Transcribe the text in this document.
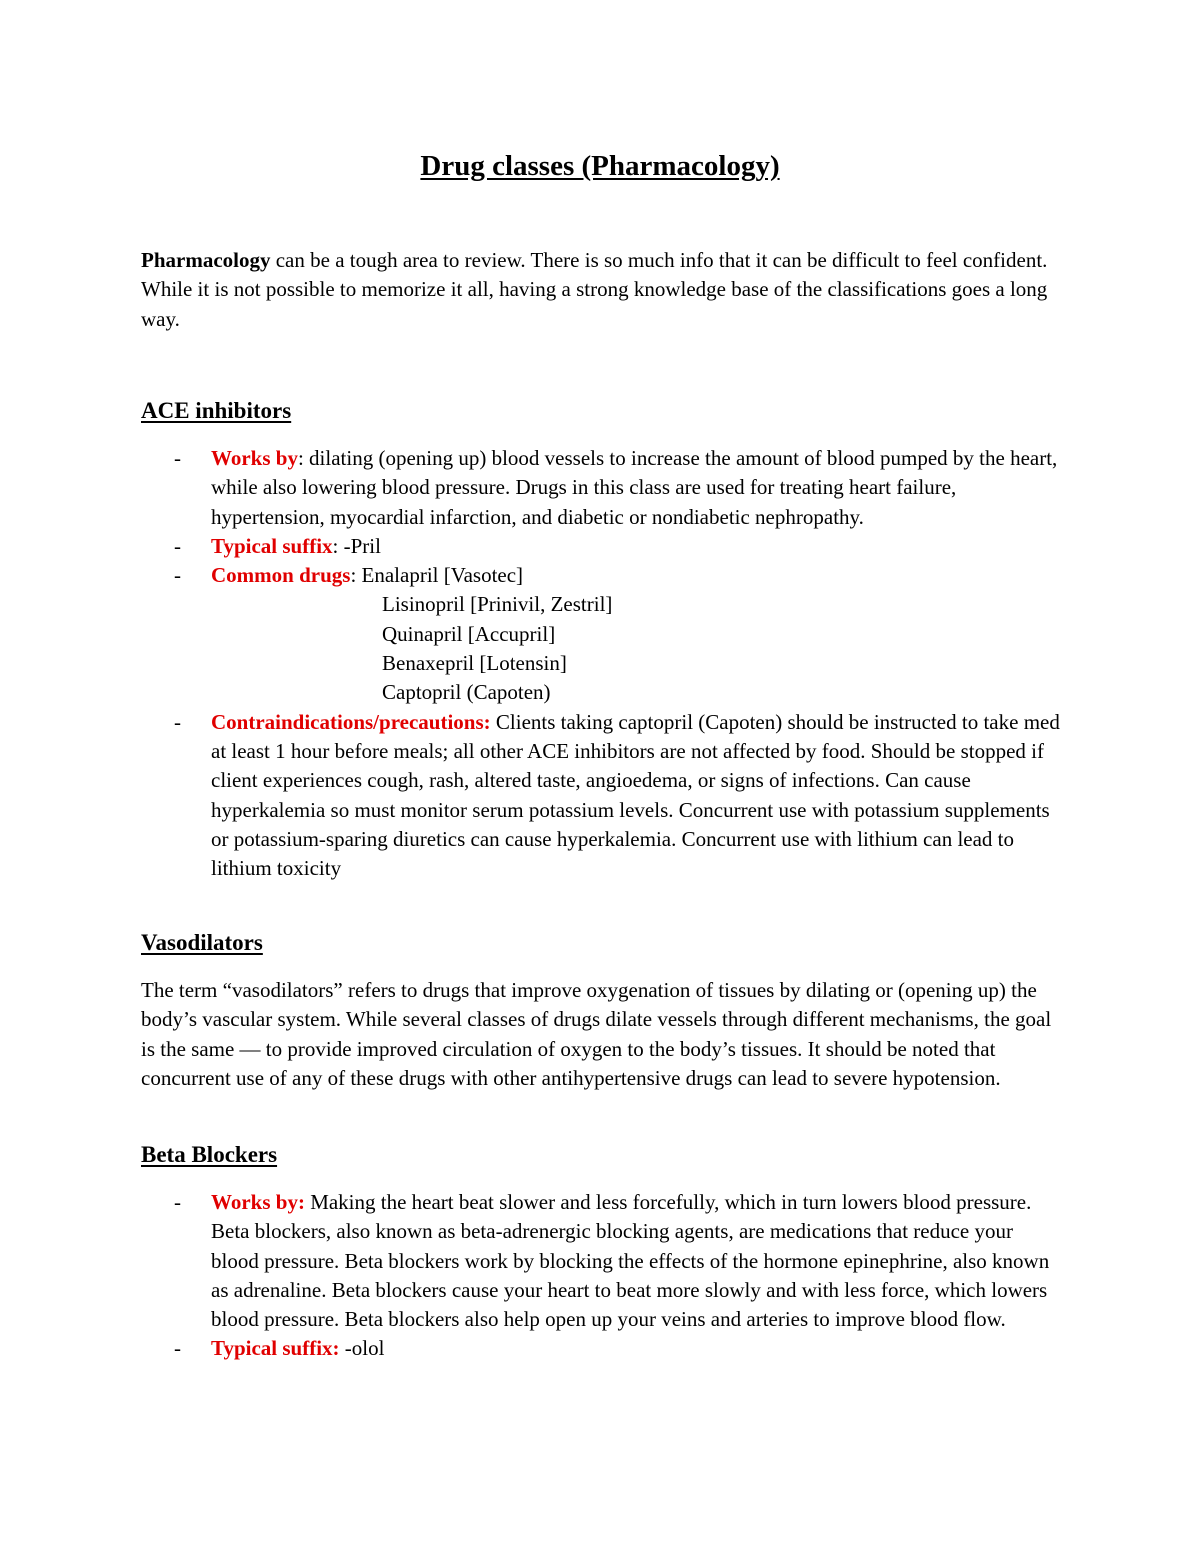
Drug classes (Pharmacology)

Pharmacology can be a tough area to review. There is so much info that it can be difficult to feel confident. While it is not possible to memorize it all, having a strong knowledge base of the classifications goes a long way.

ACE inhibitors
- Works by: dilating (opening up) blood vessels to increase the amount of blood pumped by the heart, while also lowering blood pressure. Drugs in this class are used for treating heart failure, hypertension, myocardial infarction, and diabetic or nondiabetic nephropathy.
- Typical suffix: -Pril
- Common drugs: Enalapril [Vasotec]
Lisinopril [Prinivil, Zestril]
Quinapril [Accupril]
Benaxepril [Lotensin]
Captopril (Capoten)
- Contraindications/precautions: Clients taking captopril (Capoten) should be instructed to take med at least 1 hour before meals; all other ACE inhibitors are not affected by food. Should be stopped if client experiences cough, rash, altered taste, angioedema, or signs of infections. Can cause hyperkalemia so must monitor serum potassium levels. Concurrent use with potassium supplements or potassium-sparing diuretics can cause hyperkalemia. Concurrent use with lithium can lead to lithium toxicity
Vasodilators

The term “vasodilators” refers to drugs that improve oxygenation of tissues by dilating or (opening up) the body’s vascular system. While several classes of drugs dilate vessels through different mechanisms, the goal is the same — to provide improved circulation of oxygen to the body’s tissues. It should be noted that concurrent use of any of these drugs with other antihypertensive drugs can lead to severe hypotension.

Beta Blockers
- Works by: Making the heart beat slower and less forcefully, which in turn lowers blood pressure. Beta blockers, also known as beta-adrenergic blocking agents, are medications that reduce your blood pressure. Beta blockers work by blocking the effects of the hormone epinephrine, also known as adrenaline. Beta blockers cause your heart to beat more slowly and with less force, which lowers blood pressure. Beta blockers also help open up your veins and arteries to improve blood flow.
- Typical suffix: -olol
